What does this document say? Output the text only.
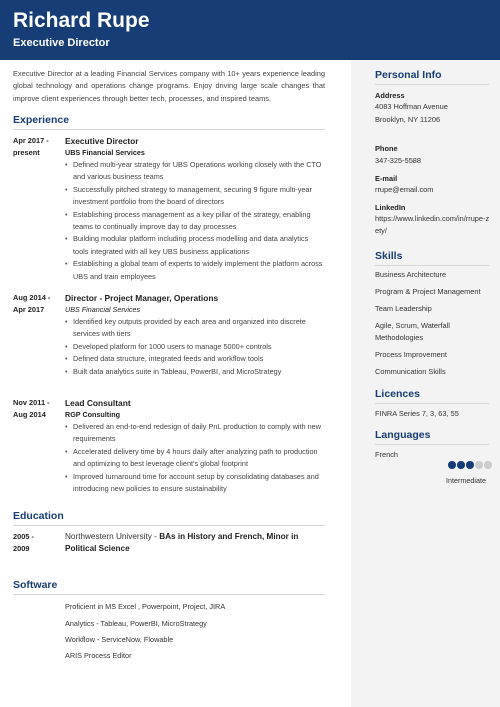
Richard Rupe
Executive Director
Executive Director at a leading Financial Services company with 10+ years experience leading global technology and operations change programs. Enjoy driving large scale changes that improve client experiences through better tech, processes, and inspired teams.
Experience
Apr 2017 -
present
Executive Director
UBS Financial Services
• Defined multi-year strategy for UBS Operations working closely with the CTO and various business teams
• Successfully pitched strategy to management, securing 9 figure multi-year investment portfolio from the board of directors
• Establishing process management as a key pillar of the strategy, enabling teams to continually improve day to day processes
• Building modular platform including process modelling and data analytics tools integrated with all key UBS business applications
• Establishing a global team of experts to widely implement the platform across UBS and train employees
Aug 2014 -
Apr 2017
Director - Project Manager, Operations
UBS Financial Services
• Identified key outputs provided by each area and organized into discrete services with tiers
• Developed platform for 1000 users to manage 5000+ controls
• Defined data structure, integrated feeds and workflow tools
• Built data analytics suite in Tableau, PowerBI, and MicroStrategy
Nov 2011 -
Aug 2014
Lead Consultant
RGP Consulting
• Delivered an end-to-end redesign of daily PnL production to comply with new requirements
• Accelerated delivery time by 4 hours daily after analyzing path to production and optimizing to best leverage client's global footprint
• Improved turnaround time for account setup by consolidating databases and introducing new policies to ensure sustainability
Education
2005 -
2009
Northwestern University - BAs in History and French, Minor in Political Science
Software
Proficient in MS Excel , Powerpoint, Project, JIRA
Analytics - Tableau, PowerBI, MicroStrategy
Workflow - ServiceNow, Flowable
ARIS Process Editor
Personal Info
Address
4083 Hoffman Avenue
Brooklyn, NY 11206
Phone
347-325-5588
E-mail
rrupe@email.com
LinkedIn
https://www.linkedin.com/in/rrupe-zety/
Skills
Business Architecture
Program & Project Management
Team Leadership
Agile, Scrum, Waterfall Methodologies
Process Improvement
Communication Skills
Licences
FINRA Series 7, 3, 63, 55
Languages
French
Intermediate
